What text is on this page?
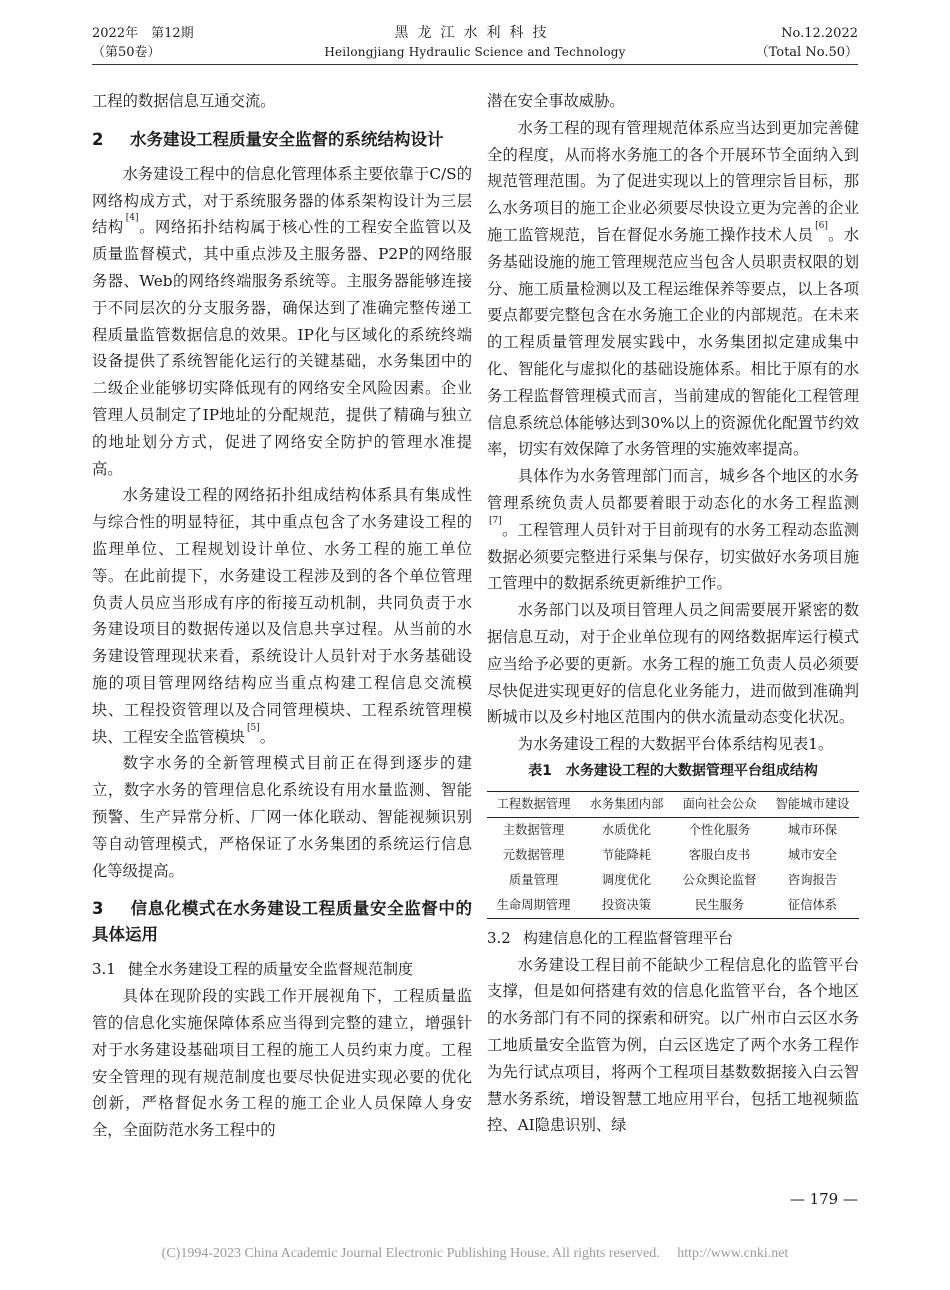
2022年　第12期
（第50卷）
黑龙江水利科技
Heilongjiang Hydraulic Science and Technology
No.12.2022
（Total No.50）

工程的数据信息互通交流。

2 水务建设工程质量安全监督的系统结构设计

水务建设工程中的信息化管理体系主要依靠于C/S的网络构成方式，对于系统服务器的体系架构设计为三层结构 [4]。网络拓扑结构属于核心性的工程安全监管以及质量监督模式，其中重点涉及主服务器、P2P的网络服务器、Web的网络终端服务系统等。主服务器能够连接于不同层次的分支服务器，确保达到了准确完整传递工程质量监管数据信息的效果。IP化与区域化的系统终端设备提供了系统智能化运行的关键基础，水务集团中的二级企业能够切实降低现有的网络安全风险因素。企业管理人员制定了IP地址的分配规范，提供了精确与独立的地址划分方式，促进了网络安全防护的管理水准提高。

水务建设工程的网络拓扑组成结构体系具有集成性与综合性的明显特征，其中重点包含了水务建设工程的监理单位、工程规划设计单位、水务工程的施工单位等。在此前提下，水务建设工程涉及到的各个单位管理负责人员应当形成有序的衔接互动机制，共同负责于水务建设项目的数据传递以及信息共享过程。从当前的水务建设管理现状来看，系统设计人员针对于水务基础设施的项目管理网络结构应当重点构建工程信息交流模块、工程投资管理以及合同管理模块、工程系统管理模块、工程安全监管模块 [5]。

数字水务的全新管理模式目前正在得到逐步的建立，数字水务的管理信息化系统设有用水量监测、智能预警、生产异常分析、厂网一体化联动、智能视频识别等自动管理模式，严格保证了水务集团的系统运行信息化等级提高。

3 信息化模式在水务建设工程质量安全监督中的具体运用
3.1 健全水务建设工程的质量安全监督规范制度

具体在现阶段的实践工作开展视角下，工程质量监管的信息化实施保障体系应当得到完整的建立，增强针对于水务建设基础项目工程的施工人员约束力度。工程安全管理的现有规范制度也要尽快促进实现必要的优化创新，严格督促水务工程的施工企业人员保障人身安全，全面防范水务工程中的

潜在安全事故威胁。

水务工程的现有管理规范体系应当达到更加完善健全的程度，从而将水务施工的各个开展环节全面纳入到规范管理范围。为了促进实现以上的管理宗旨目标，那么水务项目的施工企业必须要尽快设立更为完善的企业施工监管规范，旨在督促水务施工操作技术人员 [6]。水务基础设施的施工管理规范应当包含人员职责权限的划分、施工质量检测以及工程运维保养等要点，以上各项要点都要完整包含在水务施工企业的内部规范。在未来的工程质量管理发展实践中，水务集团拟定建成集中化、智能化与虚拟化的基础设施体系。相比于原有的水务工程监督管理模式而言，当前建成的智能化工程管理信息系统总体能够达到30%以上的资源优化配置节约效率，切实有效保障了水务管理的实施效率提高。

具体作为水务管理部门而言，城乡各个地区的水务管理系统负责人员都要着眼于动态化的水务工程监测[7]。工程管理人员针对于目前现有的水务工程动态监测数据必须要完整进行采集与保存，切实做好水务项目施工管理中的数据系统更新维护工作。

水务部门以及项目管理人员之间需要展开紧密的数据信息互动，对于企业单位现有的网络数据库运行模式应当给予必要的更新。水务工程的施工负责人员必须要尽快促进实现更好的信息化业务能力，进而做到准确判断城市以及乡村地区范围内的供水流量动态变化状况。

为水务建设工程的大数据平台体系结构见表1。

表1　水务建设工程的大数据管理平台组成结构
工程数据管理	水务集团内部	面向社会公众	智能城市建设
主数据管理	水质优化	个性化服务	城市环保
元数据管理	节能降耗	客服白皮书	城市安全
质量管理	调度优化	公众舆论监督	咨询报告
生命周期管理	投资决策	民生服务	征信体系
3.2 构建信息化的工程监督管理平台

水务建设工程目前不能缺少工程信息化的监管平台支撑，但是如何搭建有效的信息化监管平台，各个地区的水务部门有不同的探索和研究。以广州市白云区水务工地质量安全监管为例，白云区选定了两个水务工程作为先行试点项目，将两个工程项目基数数据接入白云智慧水务系统，增设智慧工地应用平台，包括工地视频监控、AI隐患识别、绿

— 179 —
(C)1994-2023 China Academic Journal Electronic Publishing House. All rights reserved.　 http://www.cnki.net
